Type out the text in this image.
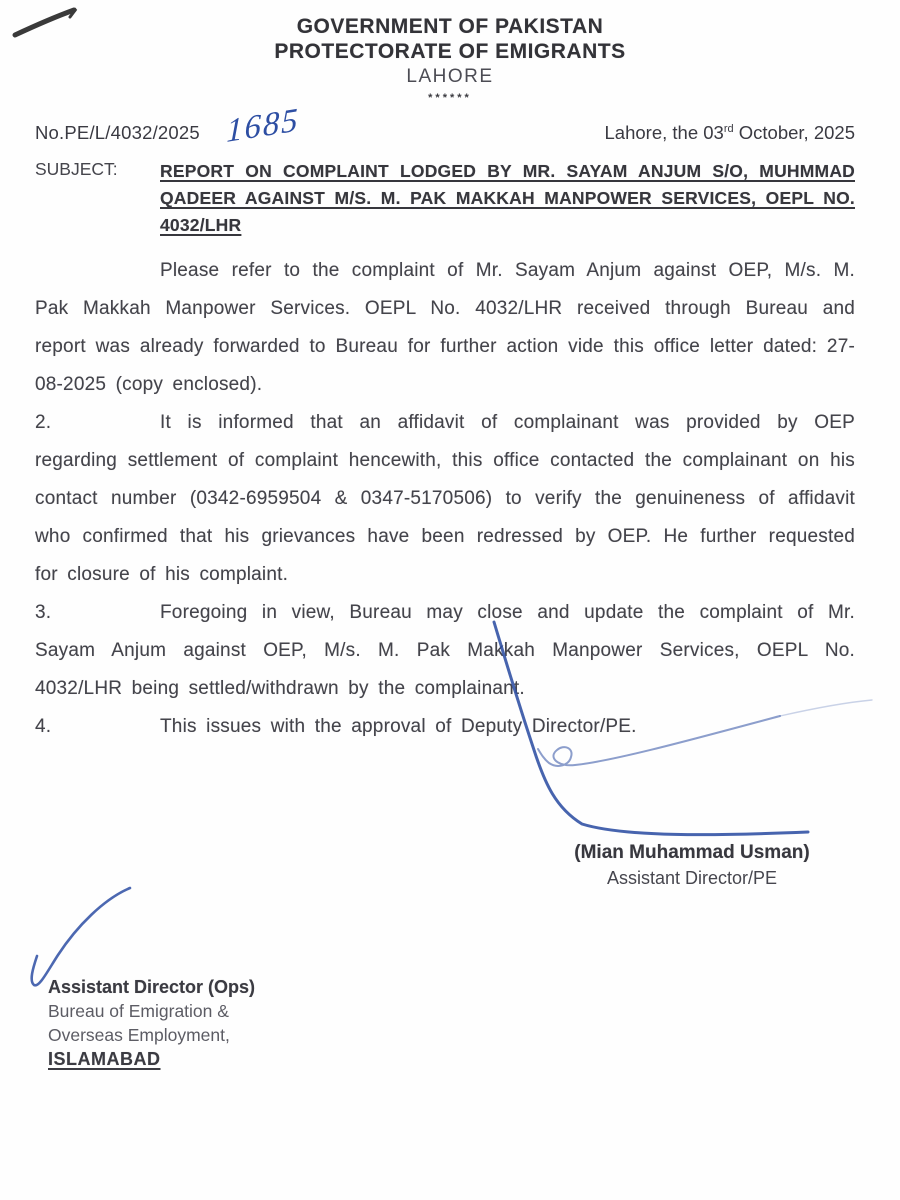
GOVERNMENT OF PAKISTAN
PROTECTORATE OF EMIGRANTS
LAHORE
******
No.PE/L/4032/2025	Lahore, the 03rd October, 2025
SUBJECT:	REPORT ON COMPLAINT LODGED BY MR. SAYAM ANJUM S/O, MUHMMAD QADEER AGAINST M/S. M. PAK MAKKAH MANPOWER SERVICES, OEPL NO. 4032/LHR
Please refer to the complaint of Mr. Sayam Anjum against OEP, M/s. M. Pak Makkah Manpower Services. OEPL No. 4032/LHR received through Bureau and report was already forwarded to Bureau for further action vide this office letter dated: 27-08-2025 (copy enclosed).
2.	It is informed that an affidavit of complainant was provided by OEP regarding settlement of complaint hencewith, this office contacted the complainant on his contact number (0342-6959504 & 0347-5170506) to verify the genuineness of affidavit who confirmed that his grievances have been redressed by OEP. He further requested for closure of his complaint.
3.	Foregoing in view, Bureau may close and update the complaint of Mr. Sayam Anjum against OEP, M/s. M. Pak Makkah Manpower Services, OEPL No. 4032/LHR being settled/withdrawn by the complainant.
4.	This issues with the approval of Deputy Director/PE.
1685
(Mian Muhammad Usman)
Assistant Director/PE
Assistant Director (Ops)
Bureau of Emigration &
Overseas Employment,
ISLAMABAD
